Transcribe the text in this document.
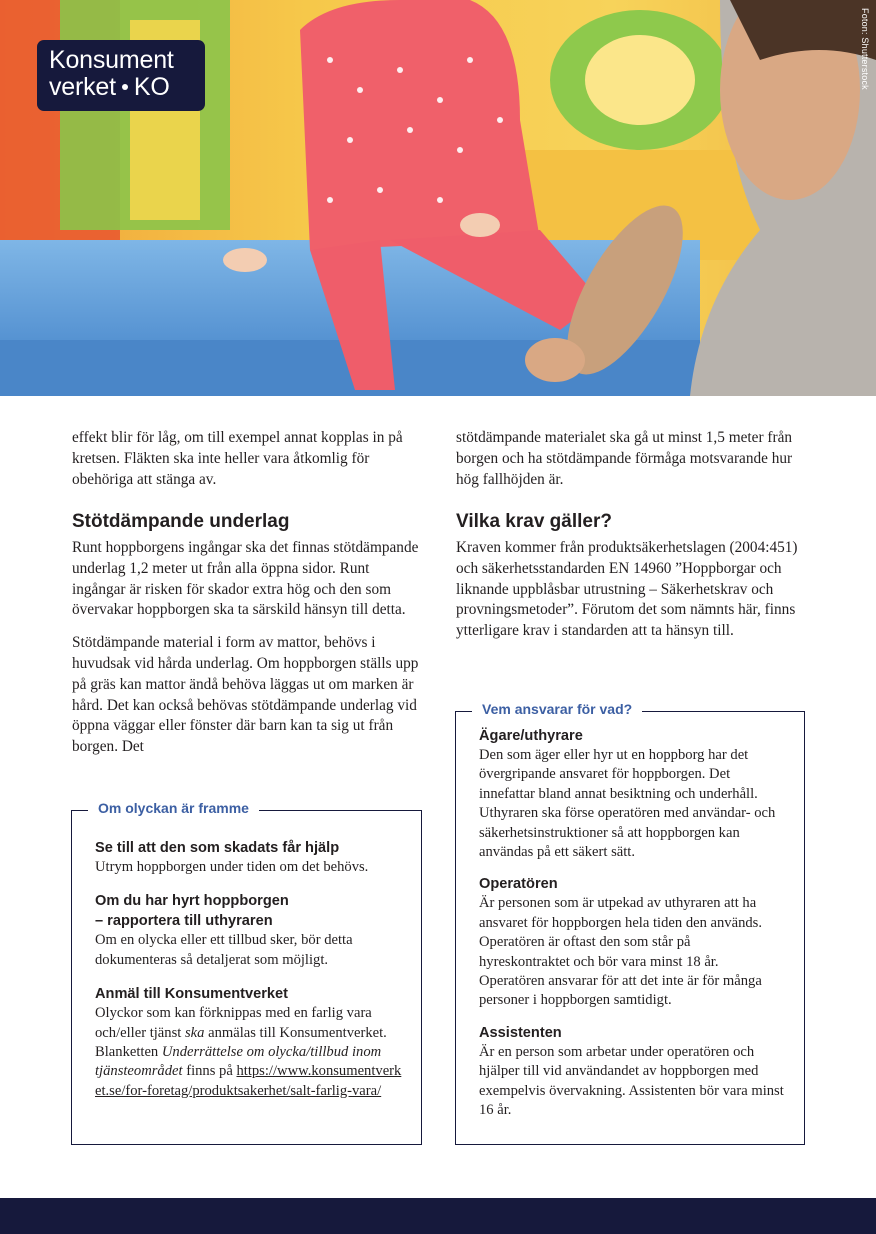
Foton: Shutterstock
Konsument
verket KO

effekt blir för låg, om till exempel annat kopplas in på kretsen. Fläkten ska inte heller vara åtkomlig för obehöriga att stänga av.

Stötdämpande underlag

Runt hoppborgens ingångar ska det finnas stötdämpande underlag 1,2 meter ut från alla öppna sidor. Runt ingångar är risken för skador extra hög och den som övervakar hoppborgen ska ta särskild hänsyn till detta.

Stötdämpande material i form av mattor, behövs i huvudsak vid hårda underlag. Om hoppborgen ställs upp på gräs kan mattor ändå behöva läggas ut om marken är hård. Det kan också behövas stötdämpande underlag vid öppna väggar eller fönster där barn kan ta sig ut från borgen. Det

stötdämpande materialet ska gå ut minst 1,5 meter från borgen och ha stötdämpande förmåga motsvarande hur hög fallhöjden är.

Vilka krav gäller?

Kraven kommer från produktsäkerhetslagen (2004:451) och säkerhetsstandarden EN 14960 ”Hoppborgar och liknande uppblåsbar utrustning – Säkerhetskrav och provningsmetoder”. Förutom det som nämnts här, finns ytterligare krav i standarden att ta hänsyn till.

Om olyckan är framme
Se till att den som skadats får hjälp

Utrym hoppborgen under tiden om det behövs.

Om du har hyrt hoppborgen
– rapportera till uthyraren

Om en olycka eller ett tillbud sker, bör detta dokumenteras så detaljerat som möjligt.

Anmäl till Konsumentverket

Olyckor som kan förknippas med en farlig vara och/eller tjänst ska anmälas till Konsumentverket. Blanketten Underrättelse om olycka/tillbud inom tjänsteområdet finns på https://www.konsumentverket.se/for-foretag/produktsakerhet/salt-farlig-vara/

Vem ansvarar för vad?
Ägare/uthyrare

Den som äger eller hyr ut en hoppborg har det övergripande ansvaret för hoppborgen. Det innefattar bland annat besiktning och underhåll. Uthyraren ska förse operatören med användar- och säkerhetsinstruktioner så att hoppborgen kan användas på ett säkert sätt.

Operatören

Är personen som är utpekad av uthyraren att ha ansvaret för hoppborgen hela tiden den används. Operatören är oftast den som står på hyreskontraktet och bör vara minst 18 år. Operatören ansvarar för att det inte är för många personer i hoppborgen samtidigt.

Assistenten

Är en person som arbetar under operatören och hjälper till vid användandet av hoppborgen med exempelvis övervakning. Assistenten bör vara minst 16 år.
